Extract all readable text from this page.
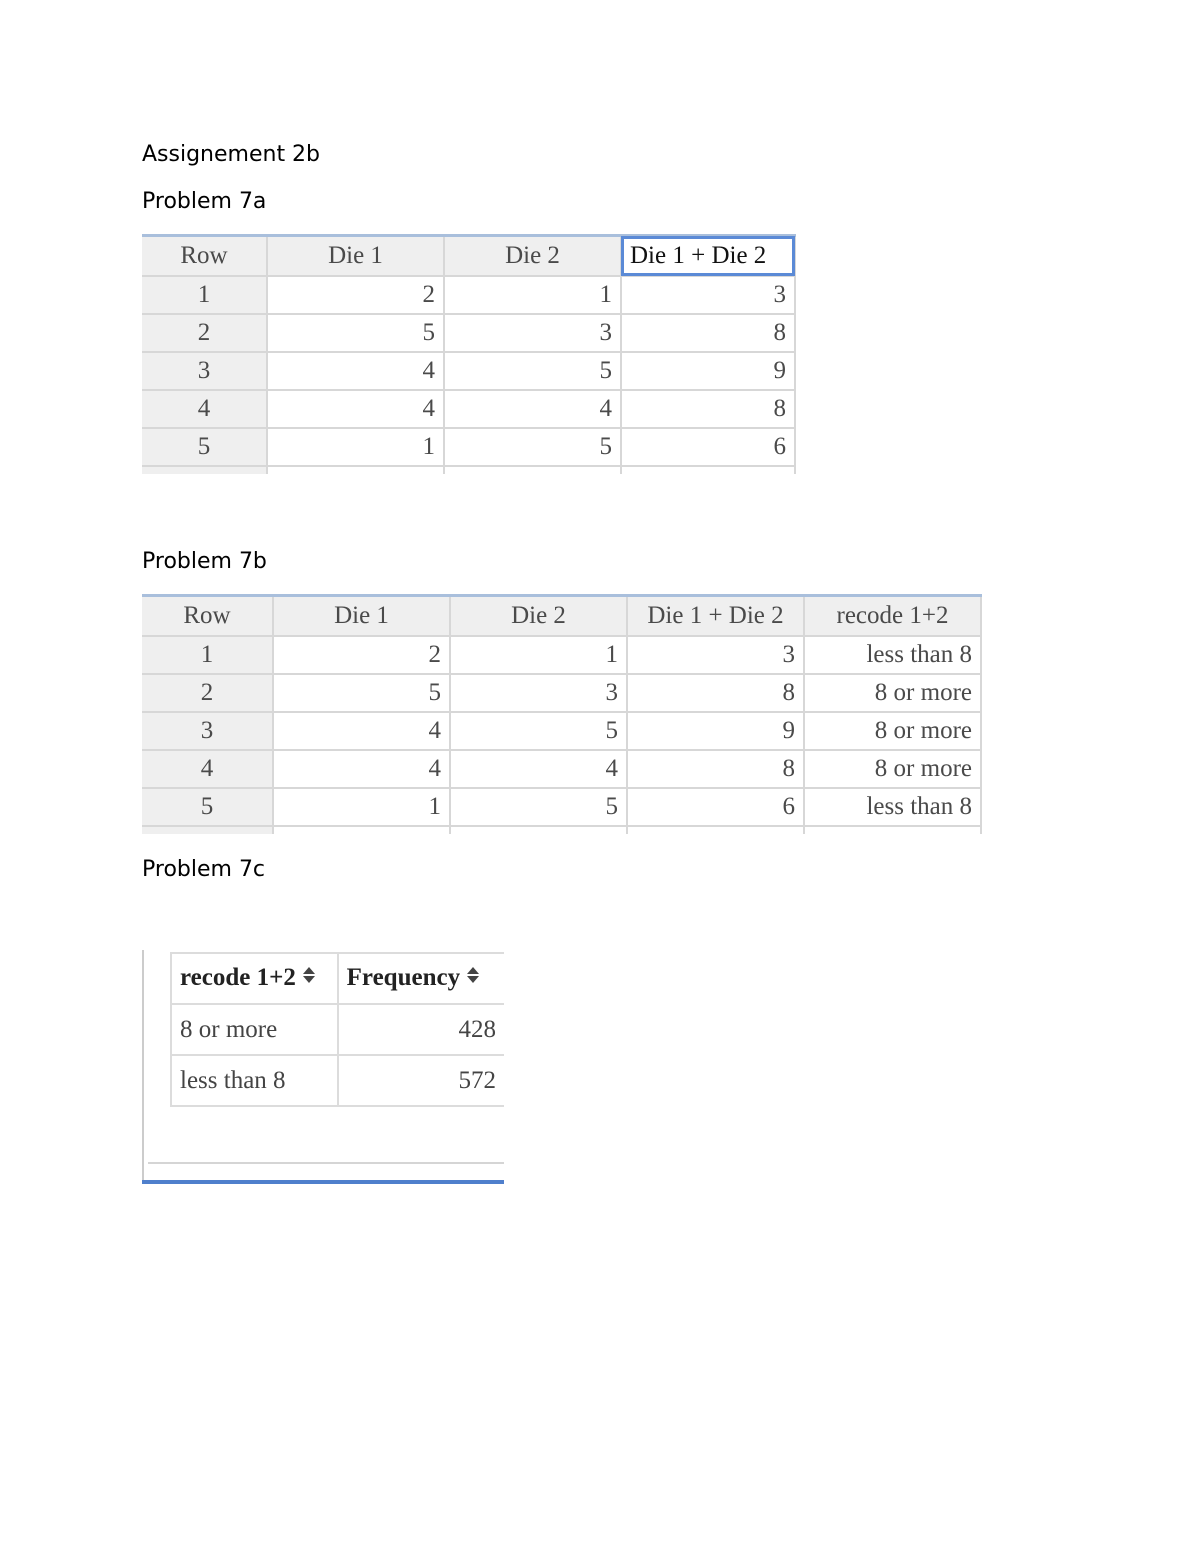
Assignement 2b

Problem 7a

Row	Die 1	Die 2	Die 1 + Die 2
1	2	1	3
2	5	3	8
3	4	5	9
4	4	4	8
5	1	5	6

Problem 7b

Row	Die 1	Die 2	Die 1 + Die 2	recode 1+2
1	2	1	3	less than 8
2	5	3	8	8 or more
3	4	5	9	8 or more
4	4	4	8	8 or more
5	1	5	6	less than 8

Problem 7c

recode 1+2	Frequency
8 or more	428
less than 8	572
